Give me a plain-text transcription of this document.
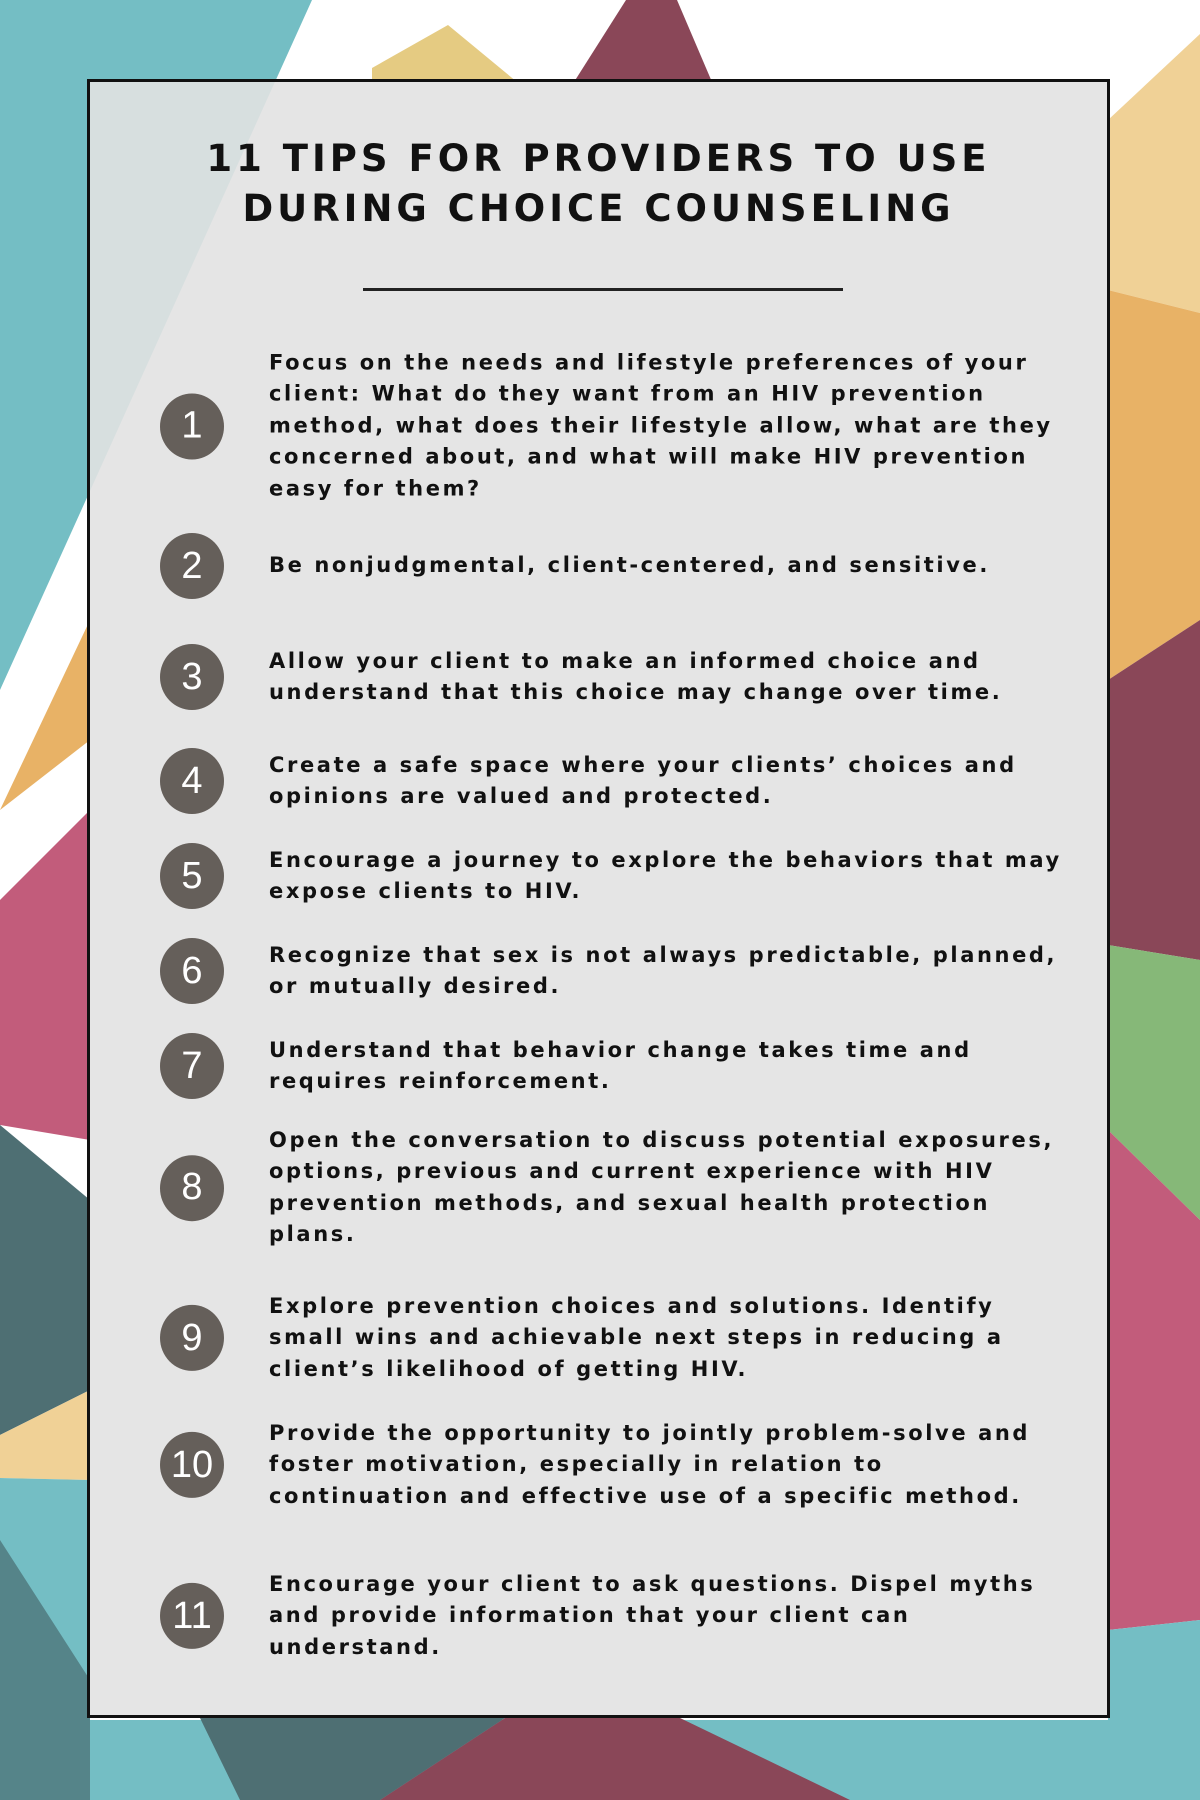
11 TIPS FOR PROVIDERS TO USE
DURING CHOICE COUNSELING
1
Focus on the needs and lifestyle preferences of your client: What do they want from an HIV prevention method, what does their lifestyle allow, what are they concerned about, and what will make HIV prevention easy for them?
2	Be nonjudgmental, client-centered, and sensitive.
3	Allow your client to make an informed choice and understand that this choice may change over time.
4	Create a safe space where your clients’ choices and opinions are valued and protected.
5	Encourage a journey to explore the behaviors that may expose clients to HIV.
6	Recognize that sex is not always predictable, planned, or mutually desired.
7	Understand that behavior change takes time and requires reinforcement.
8
Open the conversation to discuss potential exposures, options, previous and current experience with HIV prevention methods, and sexual health protection plans.
9
Explore prevention choices and solutions. Identify small wins and achievable next steps in reducing a client’s likelihood of getting HIV.
10
Provide the opportunity to jointly problem-solve and foster motivation, especially in relation to continuation and effective use of a specific method.
11
Encourage your client to ask questions. Dispel myths and provide information that your client can understand.
